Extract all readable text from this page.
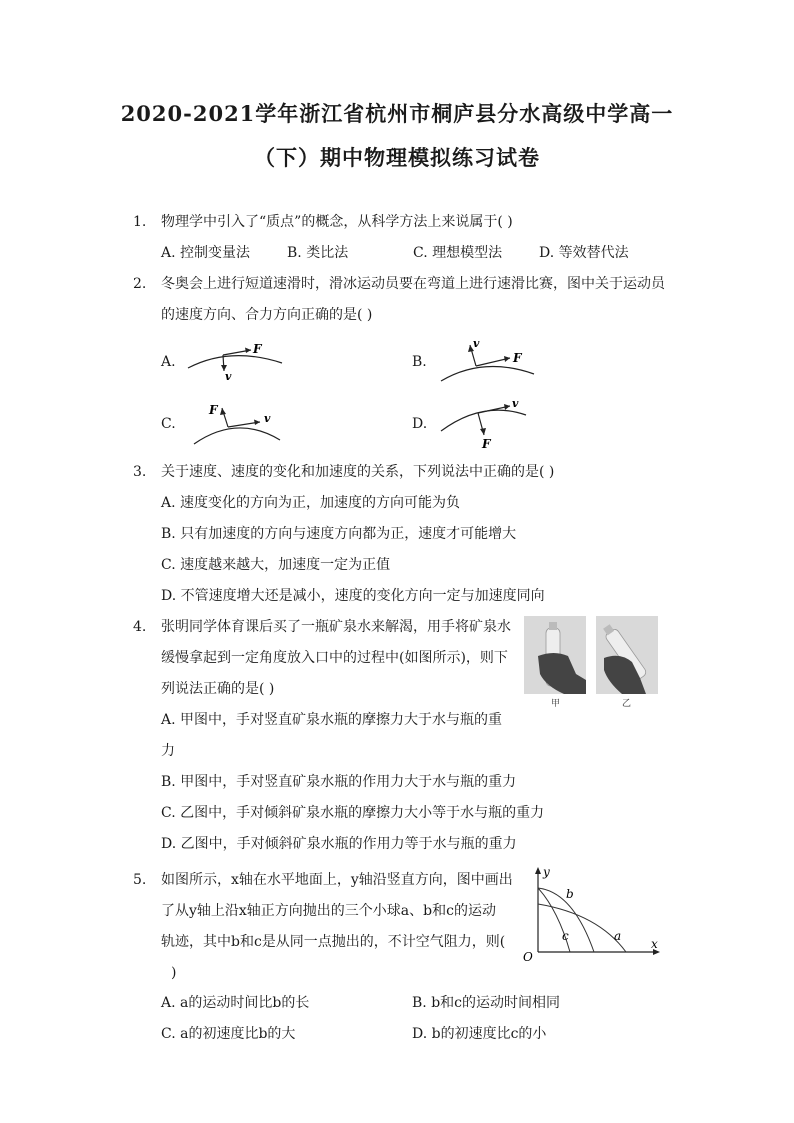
2020-2021学年浙江省杭州市桐庐县分水高级中学高一
（下）期中物理模拟练习试卷
1. 物理学中引入了“质点”的概念，从科学方法上来说属于( )
A. 控制变量法	B. 类比法	C. 理想模型法	D. 等效替代法
2. 冬奥会上进行短道速滑时，滑冰运动员要在弯道上进行速滑比赛，图中关于运动员
的速度方向、合力方向正确的是( )
A.	B.
C.	D.
F
v
v
F
F
v
v
F
3. 关于速度、速度的变化和加速度的关系，下列说法中正确的是( )
A. 速度变化的方向为正，加速度的方向可能为负
B. 只有加速度的方向与速度方向都为正，速度才可能增大
C. 速度越来越大，加速度一定为正值
D. 不管速度增大还是减小，速度的变化方向一定与加速度同向
4. 张明同学体育课后买了一瓶矿泉水来解渴，用手将矿泉水
缓慢拿起到一定角度放入口中的过程中(如图所示)，则下
列说法正确的是( )
A. 甲图中，手对竖直矿泉水瓶的摩擦力大于水与瓶的重
力
B. 甲图中，手对竖直矿泉水瓶的作用力大于水与瓶的重力
C. 乙图中，手对倾斜矿泉水瓶的摩擦力大小等于水与瓶的重力
D. 乙图中，手对倾斜矿泉水瓶的作用力等于水与瓶的重力
甲	乙
5. 如图所示，x轴在水平地面上，y轴沿竖直方向，图中画出
了从y轴上沿x轴正方向抛出的三个小球a、b和c的运动
轨迹，其中b和c是从同一点抛出的，不计空气阻力，则(
)
A. a的运动时间比b的长	B. b和c的运动时间相同
C. a的初速度比b的大	D. b的初速度比c的小
y
x
O
a
b
c
